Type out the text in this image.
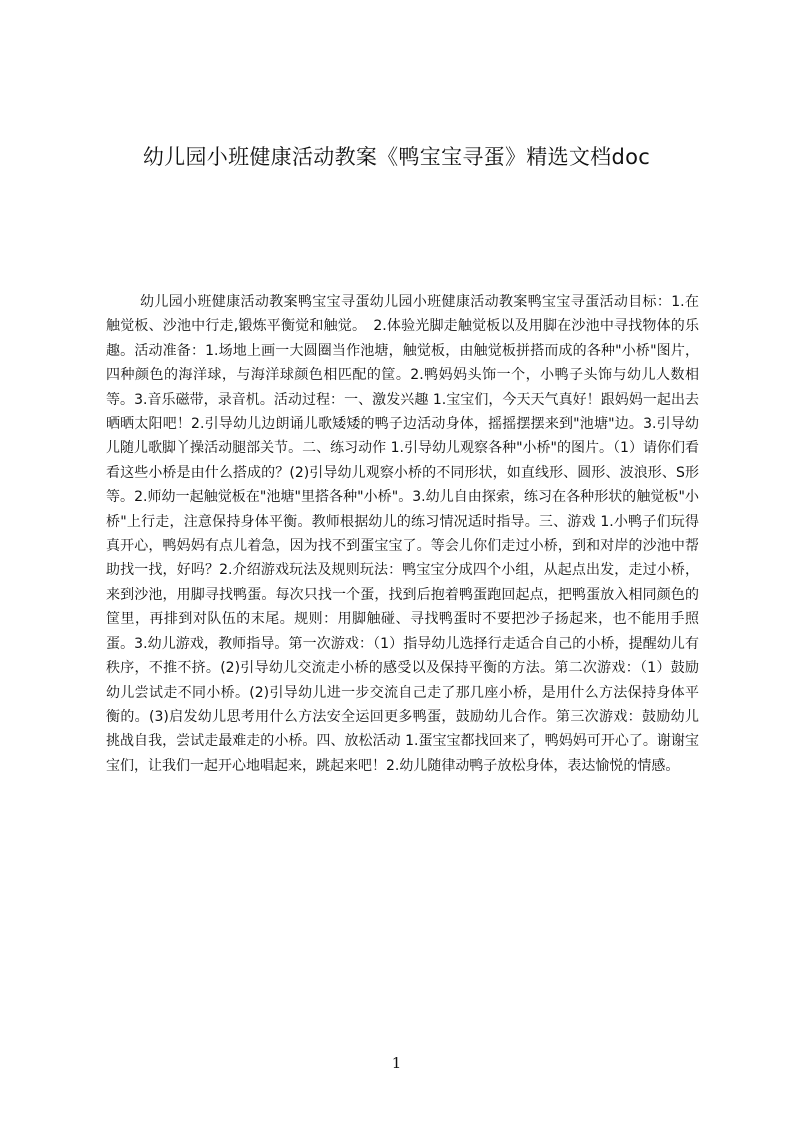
幼儿园小班健康活动教案《鸭宝宝寻蛋》精选文档doc

幼儿园小班健康活动教案鸭宝宝寻蛋幼儿园小班健康活动教案鸭宝宝寻蛋活动目标：1.在触觉板、沙池中行走,锻炼平衡觉和触觉。　2.体验光脚走触觉板以及用脚在沙池中寻找物体的乐趣。活动准备：1.场地上画一大圆圈当作池塘，触觉板，由触觉板拼搭而成的各种"小桥"图片，四种颜色的海洋球，与海洋球颜色相匹配的筐。2.鸭妈妈头饰一个，小鸭子头饰与幼儿人数相等。3.音乐磁带，录音机。活动过程：一、激发兴趣 1.宝宝们，今天天气真好！跟妈妈一起出去晒晒太阳吧！2.引导幼儿边朗诵儿歌矮矮的鸭子边活动身体，摇摇摆摆来到"池塘"边。3.引导幼儿随儿歌脚丫操活动腿部关节。二、练习动作 1.引导幼儿观察各种"小桥"的图片。（1）请你们看看这些小桥是由什么搭成的？(2)引导幼儿观察小桥的不同形状，如直线形、圆形、波浪形、S形等。2.师幼一起触觉板在"池塘"里搭各种"小桥"。3.幼儿自由探索，练习在各种形状的触觉板"小桥"上行走，注意保持身体平衡。教师根据幼儿的练习情况适时指导。三、游戏 1.小鸭子们玩得真开心，鸭妈妈有点儿着急，因为找不到蛋宝宝了。等会儿你们走过小桥，到和对岸的沙池中帮助找一找，好吗？2.介绍游戏玩法及规则玩法：鸭宝宝分成四个小组，从起点出发，走过小桥，来到沙池，用脚寻找鸭蛋。每次只找一个蛋，找到后抱着鸭蛋跑回起点，把鸭蛋放入相同颜色的筐里，再排到对队伍的末尾。规则：用脚触碰、寻找鸭蛋时不要把沙子扬起来，也不能用手照蛋。3.幼儿游戏，教师指导。第一次游戏：（1）指导幼儿选择行走适合自己的小桥，提醒幼儿有秩序，不推不挤。(2)引导幼儿交流走小桥的感受以及保持平衡的方法。第二次游戏：（1）鼓励幼儿尝试走不同小桥。(2)引导幼儿进一步交流自己走了那几座小桥，是用什么方法保持身体平衡的。(3)启发幼儿思考用什么方法安全运回更多鸭蛋，鼓励幼儿合作。第三次游戏：鼓励幼儿挑战自我，尝试走最难走的小桥。四、放松活动 1.蛋宝宝都找回来了，鸭妈妈可开心了。谢谢宝宝们，让我们一起开心地唱起来，跳起来吧！2.幼儿随律动鸭子放松身体，表达愉悦的情感。

1
